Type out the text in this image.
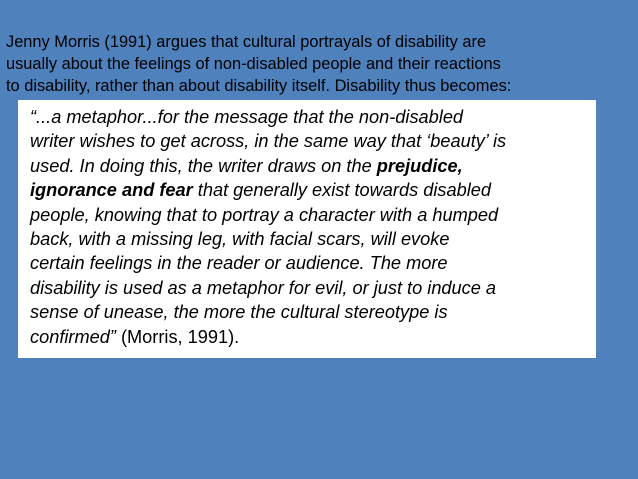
Jenny Morris (1991) argues that cultural portrayals of disability are
usually about the feelings of non-disabled people and their reactions
to disability, rather than about disability itself. Disability thus becomes:

“...a metaphor...for the message that the non-disabled
writer wishes to get across, in the same way that ‘beauty’ is
used. In doing this, the writer draws on the prejudice,
ignorance and fear that generally exist towards disabled
people, knowing that to portray a character with a humped
back, with a missing leg, with facial scars, will evoke
certain feelings in the reader or audience. The more
disability is used as a metaphor for evil, or just to induce a
sense of unease, the more the cultural stereotype is
confirmed” (Morris, 1991).
